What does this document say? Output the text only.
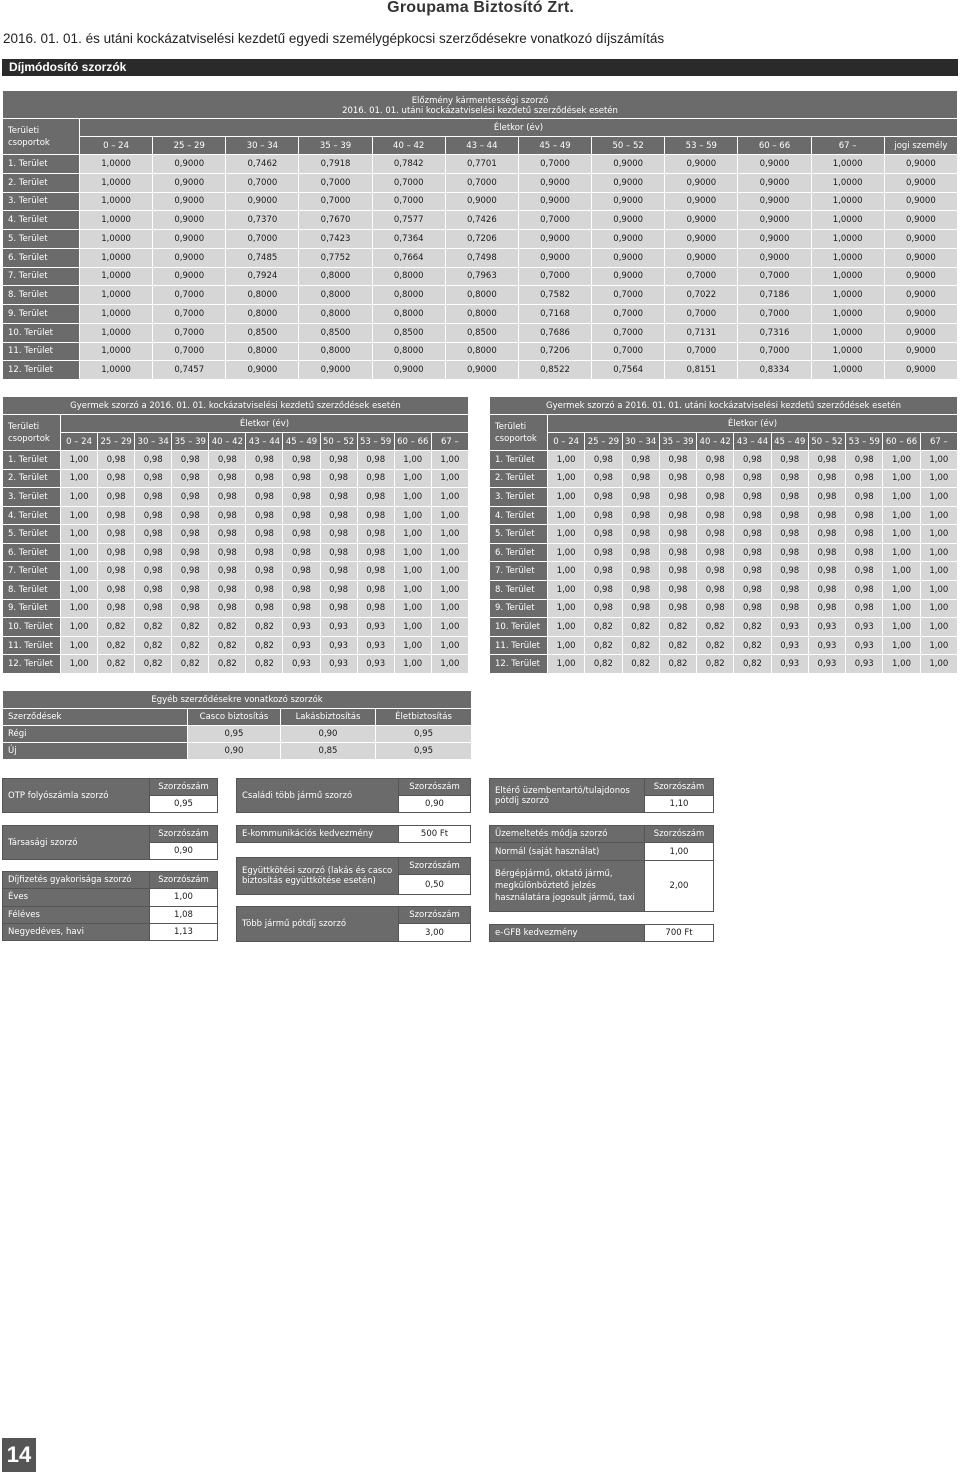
Groupama Biztosító Zrt.
2016. 01. 01. és utáni kockázatviselési kezdetű egyedi személygépkocsi szerződésekre vonatkozó díjszámítás
Díjmódosító szorzók
Előzmény kármentességi szorzó
2016. 01. 01. utáni kockázatviselési kezdetű szerződések esetén												

Területi csoportok	Életkor (év)											
	0 – 24	25 – 29	30 – 34	35 – 39	40 – 42	43 – 44	45 – 49	50 – 52	53 – 59	60 – 66	67 –	jogi személy
1. Terület	1,0000	0,9000	0,7462	0,7918	0,7842	0,7701	0,7000	0,9000	0,9000	0,9000	1,0000	0,9000
2. Terület	1,0000	0,9000	0,7000	0,7000	0,7000	0,7000	0,9000	0,9000	0,9000	0,9000	1,0000	0,9000
3. Terület	1,0000	0,9000	0,9000	0,7000	0,7000	0,9000	0,9000	0,9000	0,9000	0,9000	1,0000	0,9000
4. Terület	1,0000	0,9000	0,7370	0,7670	0,7577	0,7426	0,7000	0,9000	0,9000	0,9000	1,0000	0,9000
5. Terület	1,0000	0,9000	0,7000	0,7423	0,7364	0,7206	0,9000	0,9000	0,9000	0,9000	1,0000	0,9000
6. Terület	1,0000	0,9000	0,7485	0,7752	0,7664	0,7498	0,9000	0,9000	0,9000	0,9000	1,0000	0,9000
7. Terület	1,0000	0,9000	0,7924	0,8000	0,8000	0,7963	0,7000	0,9000	0,7000	0,7000	1,0000	0,9000
8. Terület	1,0000	0,7000	0,8000	0,8000	0,8000	0,8000	0,7582	0,7000	0,7022	0,7186	1,0000	0,9000
9. Terület	1,0000	0,7000	0,8000	0,8000	0,8000	0,8000	0,7168	0,7000	0,7000	0,7000	1,0000	0,9000
10. Terület	1,0000	0,7000	0,8500	0,8500	0,8500	0,8500	0,7686	0,7000	0,7131	0,7316	1,0000	0,9000
11. Terület	1,0000	0,7000	0,8000	0,8000	0,8000	0,8000	0,7206	0,7000	0,7000	0,7000	1,0000	0,9000
12. Terület	1,0000	0,7457	0,9000	0,9000	0,9000	0,9000	0,8522	0,7564	0,8151	0,8334	1,0000	0,9000
Gyermek szorzó a 2016. 01. 01. kockázatviselési kezdetű szerződések esetén											
Területi csoportok	Életkor (év)										
	0 – 24	25 – 29	30 – 34	35 – 39	40 – 42	43 – 44	45 – 49	50 – 52	53 – 59	60 – 66	67 –
1. Terület	1,00	0,98	0,98	0,98	0,98	0,98	0,98	0,98	0,98	1,00	1,00
2. Terület	1,00	0,98	0,98	0,98	0,98	0,98	0,98	0,98	0,98	1,00	1,00
3. Terület	1,00	0,98	0,98	0,98	0,98	0,98	0,98	0,98	0,98	1,00	1,00
4. Terület	1,00	0,98	0,98	0,98	0,98	0,98	0,98	0,98	0,98	1,00	1,00
5. Terület	1,00	0,98	0,98	0,98	0,98	0,98	0,98	0,98	0,98	1,00	1,00
6. Terület	1,00	0,98	0,98	0,98	0,98	0,98	0,98	0,98	0,98	1,00	1,00
7. Terület	1,00	0,98	0,98	0,98	0,98	0,98	0,98	0,98	0,98	1,00	1,00
8. Terület	1,00	0,98	0,98	0,98	0,98	0,98	0,98	0,98	0,98	1,00	1,00
9. Terület	1,00	0,98	0,98	0,98	0,98	0,98	0,98	0,98	0,98	1,00	1,00
10. Terület	1,00	0,82	0,82	0,82	0,82	0,82	0,93	0,93	0,93	1,00	1,00
11. Terület	1,00	0,82	0,82	0,82	0,82	0,82	0,93	0,93	0,93	1,00	1,00
12. Terület	1,00	0,82	0,82	0,82	0,82	0,82	0,93	0,93	0,93	1,00	1,00
Gyermek szorzó a 2016. 01. 01. utáni kockázatviselési kezdetű szerződések esetén											
Területi csoportok	Életkor (év)										
	0 – 24	25 – 29	30 – 34	35 – 39	40 – 42	43 – 44	45 – 49	50 – 52	53 – 59	60 – 66	67 –
1. Terület	1,00	0,98	0,98	0,98	0,98	0,98	0,98	0,98	0,98	1,00	1,00
2. Terület	1,00	0,98	0,98	0,98	0,98	0,98	0,98	0,98	0,98	1,00	1,00
3. Terület	1,00	0,98	0,98	0,98	0,98	0,98	0,98	0,98	0,98	1,00	1,00
4. Terület	1,00	0,98	0,98	0,98	0,98	0,98	0,98	0,98	0,98	1,00	1,00
5. Terület	1,00	0,98	0,98	0,98	0,98	0,98	0,98	0,98	0,98	1,00	1,00
6. Terület	1,00	0,98	0,98	0,98	0,98	0,98	0,98	0,98	0,98	1,00	1,00
7. Terület	1,00	0,98	0,98	0,98	0,98	0,98	0,98	0,98	0,98	1,00	1,00
8. Terület	1,00	0,98	0,98	0,98	0,98	0,98	0,98	0,98	0,98	1,00	1,00
9. Terület	1,00	0,98	0,98	0,98	0,98	0,98	0,98	0,98	0,98	1,00	1,00
10. Terület	1,00	0,82	0,82	0,82	0,82	0,82	0,93	0,93	0,93	1,00	1,00
11. Terület	1,00	0,82	0,82	0,82	0,82	0,82	0,93	0,93	0,93	1,00	1,00
12. Terület	1,00	0,82	0,82	0,82	0,82	0,82	0,93	0,93	0,93	1,00	1,00
Egyéb szerződésekre vonatkozó szorzók			
Szerződések	Casco biztosítás	Lakásbiztosítás	Életbiztosítás
Régi	0,95	0,90	0,95
Új	0,90	0,85	0,95
OTP folyószámla szorzó	Szorzószám
0,95
Családi több jármű szorzó	Szorzószám
0,90
Eltérő üzembentartó/tulajdonos pótdíj szorzó	Szorzószám
1,10
Társasági szorzó	Szorzószám
0,90
E-kommunikációs kedvezmény	500 Ft
Együttkötési szorzó (lakás és casco biztosítás együttkötése esetén)	Szorzószám
0,50
Több jármű pótdíj szorzó	Szorzószám
3,00
Üzemeltetés módja szorzó	Szorzószám
Normál (saját használat)	1,00
Bérgépjármű, oktató jármű, megkülönböztető jelzés használatára jogosult jármű, taxi	2,00
e-GFB kedvezmény	700 Ft
Díjfizetés gyakorisága szorzó	Szorzószám
Éves	1,00
Féléves	1,08
Negyedéves, havi	1,13
14
